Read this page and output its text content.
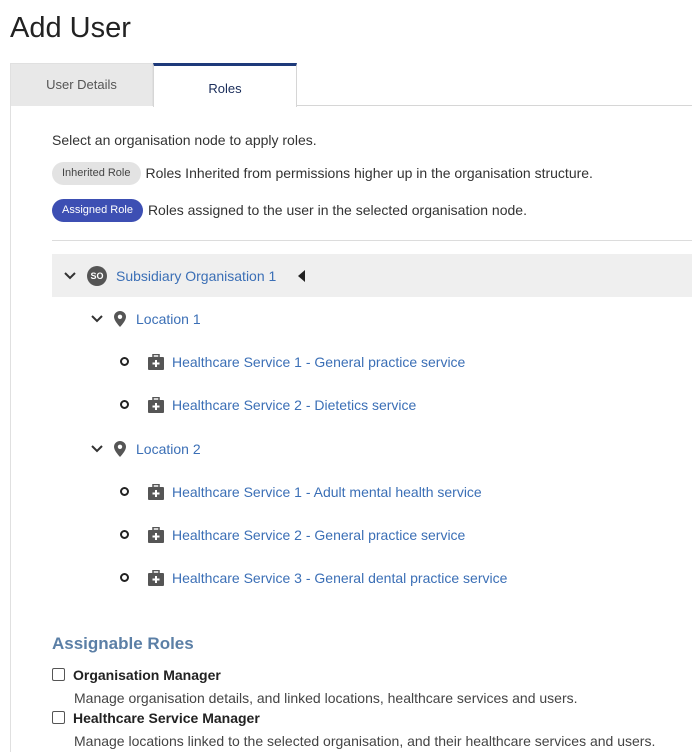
Add User
User Details	Roles
Select an organisation node to apply roles.
Inherited Role	Roles Inherited from permissions higher up in the organisation structure.
Assigned Role	Roles assigned to the user in the selected organisation node.
SO Subsidiary Organisation 1
Location 1
Healthcare Service 1 - General practice service
Healthcare Service 2 - Dietetics service
Location 2
Healthcare Service 1 - Adult mental health service
Healthcare Service 2 - General practice service
Healthcare Service 3 - General dental practice service
Assignable Roles
Organisation Manager
Manage organisation details, and linked locations, healthcare services and users.
Healthcare Service Manager
Manage locations linked to the selected organisation, and their healthcare services and users.
